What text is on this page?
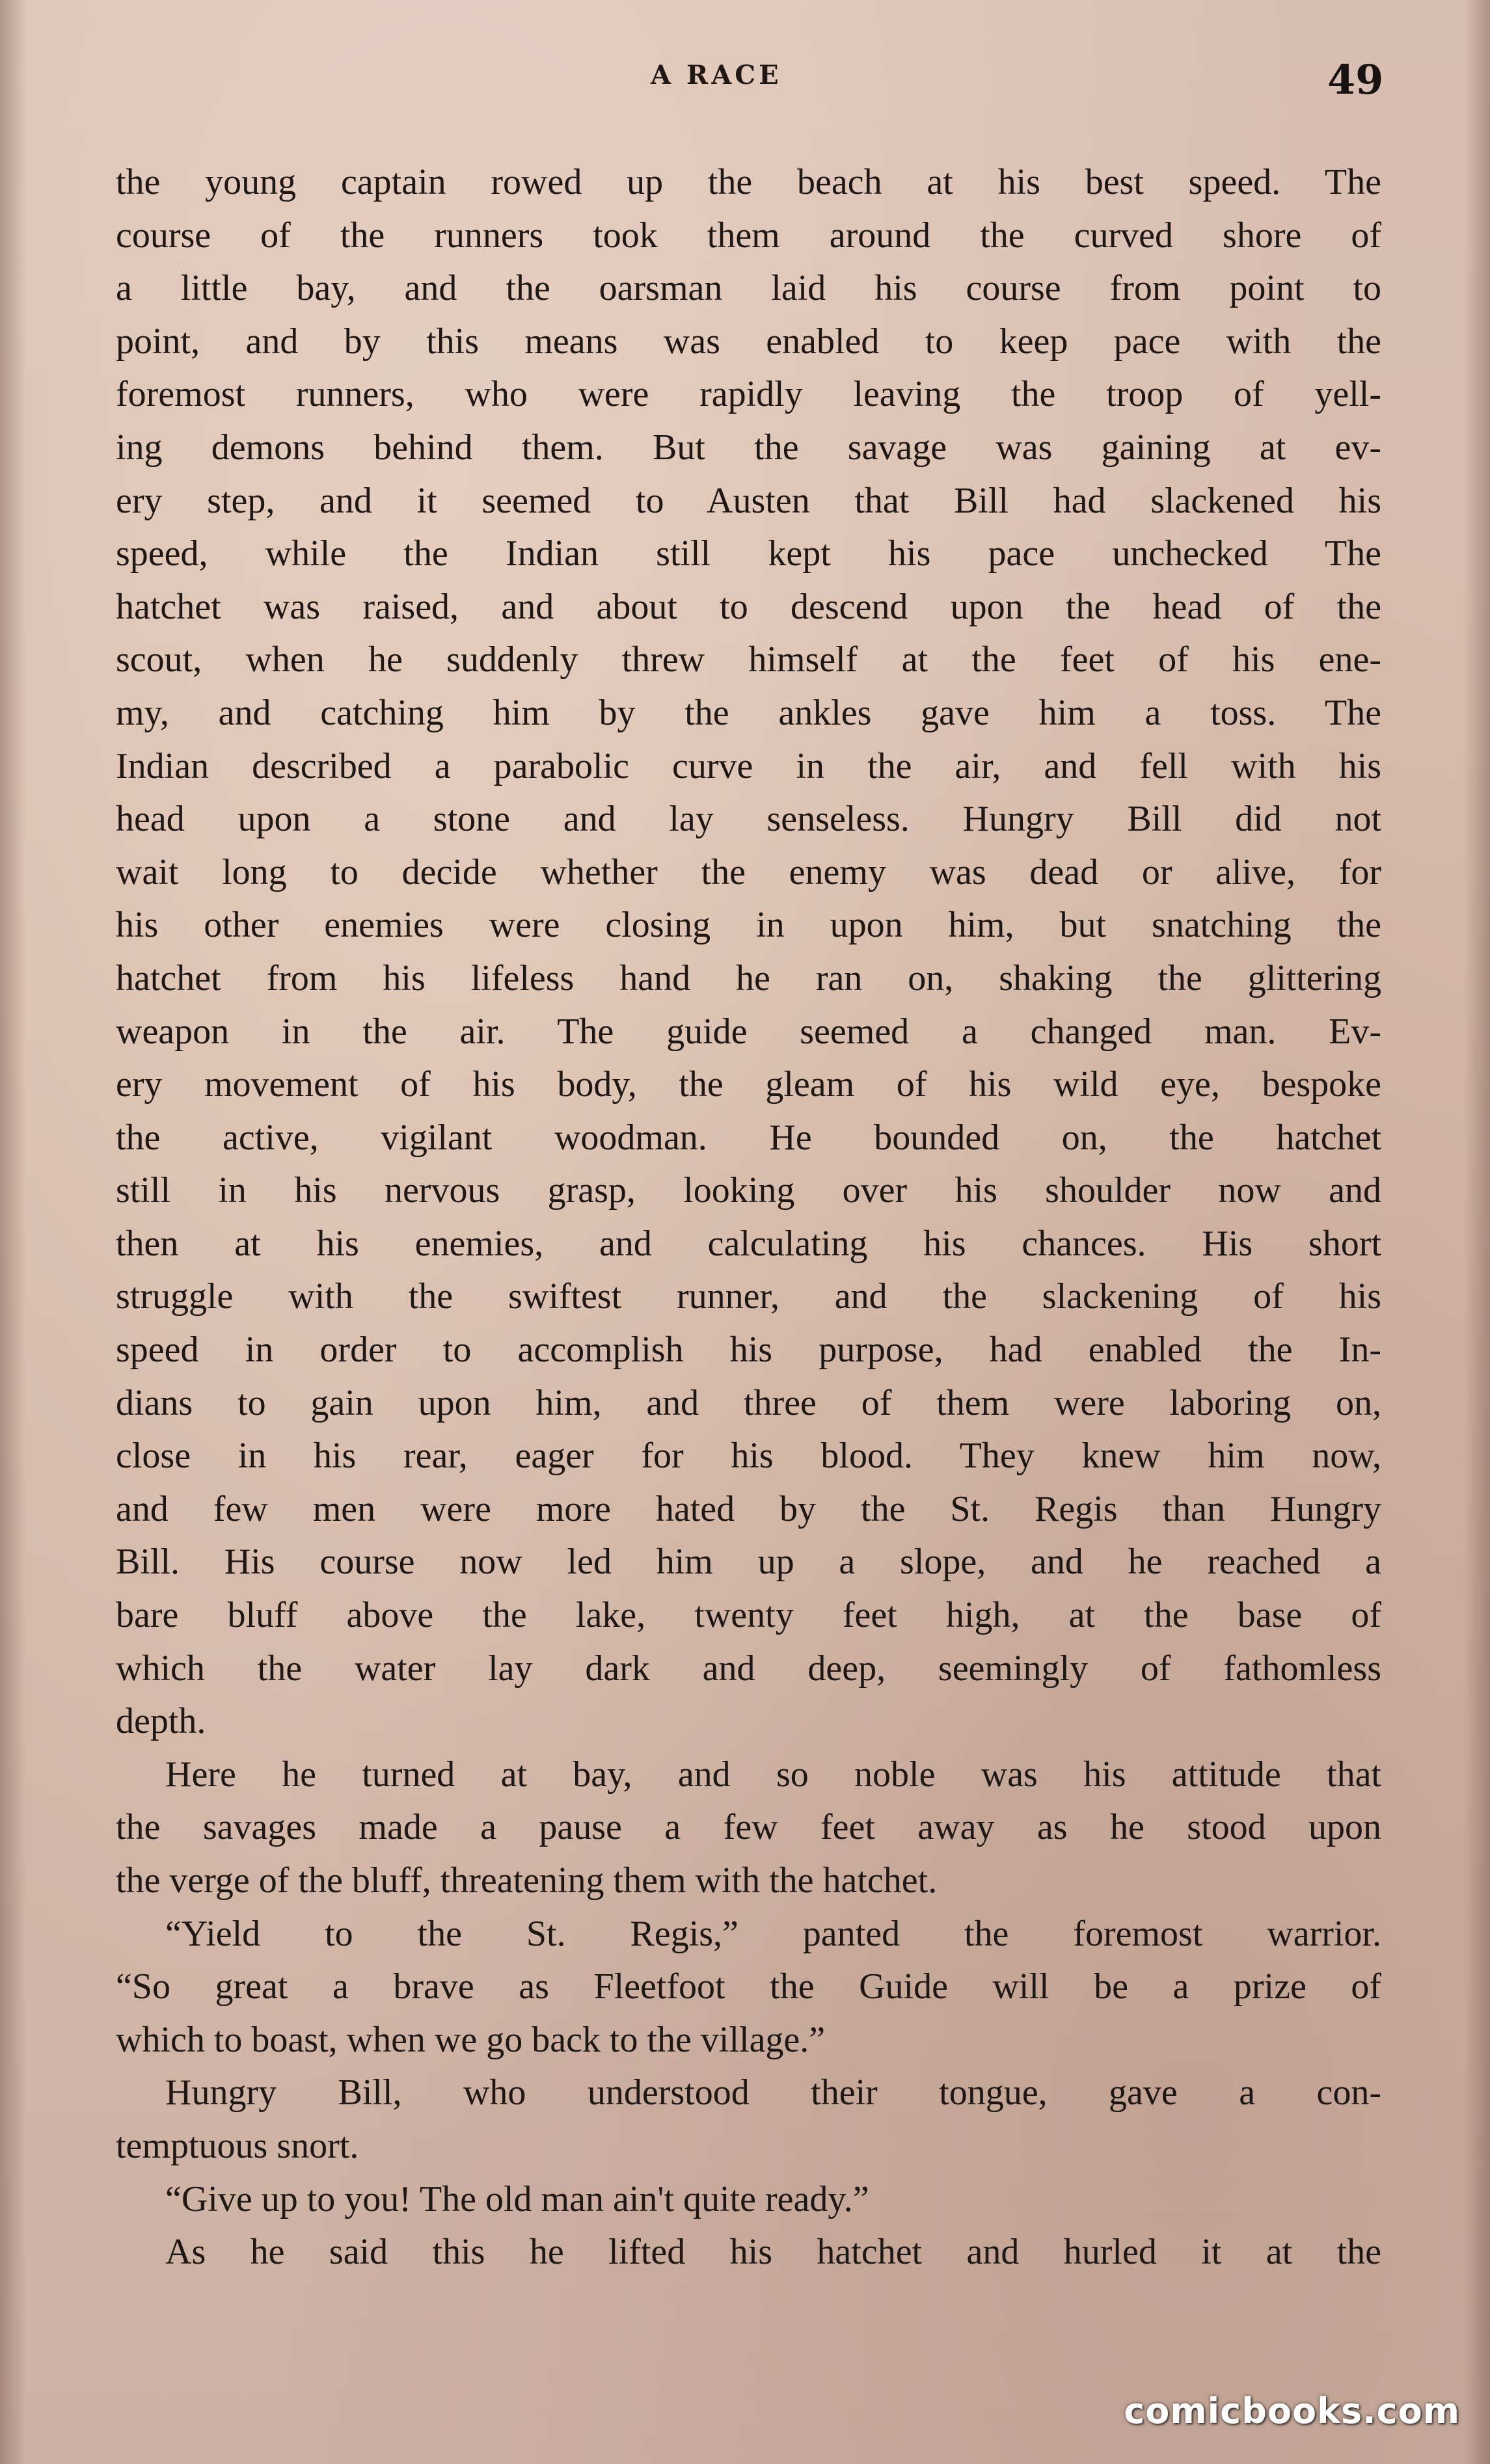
A RACE	49
the young captain rowed up the beach at his best speed. The
course of the runners took them around the curved shore of
a little bay, and the oarsman laid his course from point to
point, and by this means was enabled to keep pace with the
foremost runners, who were rapidly leaving the troop of yell-
ing demons behind them. But the savage was gaining at ev-
ery step, and it seemed to Austen that Bill had slackened his
speed, while the Indian still kept his pace unchecked The
hatchet was raised, and about to descend upon the head of the
scout, when he suddenly threw himself at the feet of his ene-
my, and catching him by the ankles gave him a toss. The
Indian described a parabolic curve in the air, and fell with his
head upon a stone and lay senseless. Hungry Bill did not
wait long to decide whether the enemy was dead or alive, for
his other enemies were closing in upon him, but snatching the
hatchet from his lifeless hand he ran on, shaking the glittering
weapon in the air. The guide seemed a changed man. Ev-
ery movement of his body, the gleam of his wild eye, bespoke
the active, vigilant woodman. He bounded on, the hatchet
still in his nervous grasp, looking over his shoulder now and
then at his enemies, and calculating his chances. His short
struggle with the swiftest runner, and the slackening of his
speed in order to accomplish his purpose, had enabled the In-
dians to gain upon him, and three of them were laboring on,
close in his rear, eager for his blood. They knew him now,
and few men were more hated by the St. Regis than Hungry
Bill. His course now led him up a slope, and he reached a
bare bluff above the lake, twenty feet high, at the base of
which the water lay dark and deep, seemingly of fathomless
depth.
Here he turned at bay, and so noble was his attitude that
the savages made a pause a few feet away as he stood upon
the verge of the bluff, threatening them with the hatchet.
“Yield to the St. Regis,” panted the foremost warrior.
“So great a brave as Fleetfoot the Guide will be a prize of
which to boast, when we go back to the village.”
Hungry Bill, who understood their tongue, gave a con-
temptuous snort.
“Give up to you! The old man ain't quite ready.”
As he said this he lifted his hatchet and hurled it at the
comicbooks.com
